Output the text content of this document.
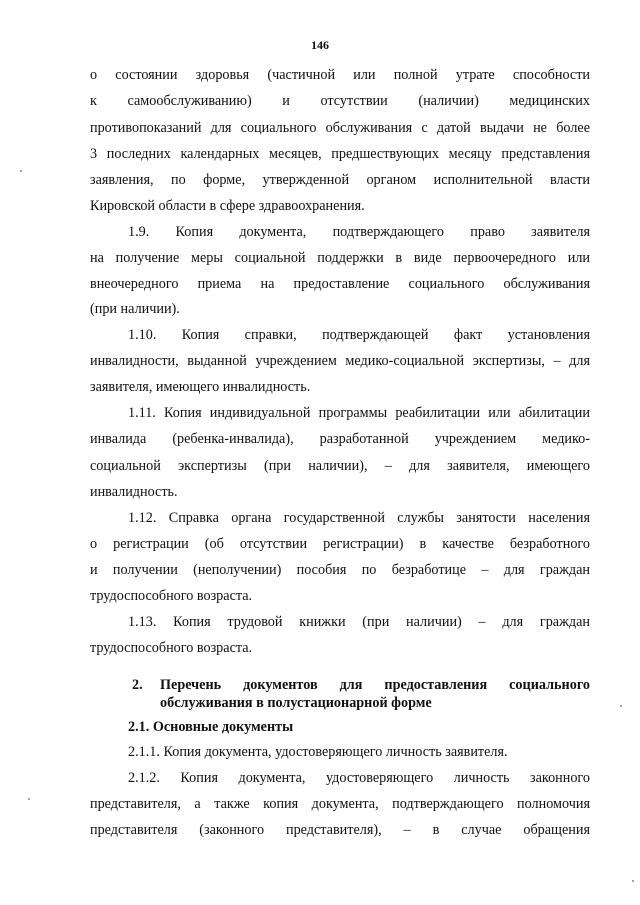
146
о состоянии здоровья (частичной или полной утрате способности
к самообслуживанию) и отсутствии (наличии) медицинских
противопоказаний для социального обслуживания с датой выдачи не более
3 последних календарных месяцев, предшествующих месяцу представления
заявления, по форме, утвержденной органом исполнительной власти
Кировской области в сфере здравоохранения.
1.9. Копия документа, подтверждающего право заявителя
на получение меры социальной поддержки в виде первоочередного или
внеочередного приема на предоставление социального обслуживания
(при наличии).
1.10. Копия справки, подтверждающей факт установления
инвалидности, выданной учреждением медико-социальной экспертизы, – для
заявителя, имеющего инвалидность.
1.11. Копия индивидуальной программы реабилитации или абилитации
инвалида (ребенка-инвалида), разработанной учреждением медико-
социальной экспертизы (при наличии), – для заявителя, имеющего
инвалидность.
1.12. Справка органа государственной службы занятости населения
о регистрации (об отсутствии регистрации) в качестве безработного
и получении (неполучении) пособия по безработице – для граждан
трудоспособного возраста.
1.13. Копия трудовой книжки (при наличии) – для граждан
трудоспособного возраста.
2.	Перечень документов для предоставления социального
обслуживания в полустационарной форме
2.1. Основные документы
2.1.1. Копия документа, удостоверяющего личность заявителя.
2.1.2. Копия документа, удостоверяющего личность законного
представителя, а также копия документа, подтверждающего полномочия
представителя (законного представителя), – в случае обращения
